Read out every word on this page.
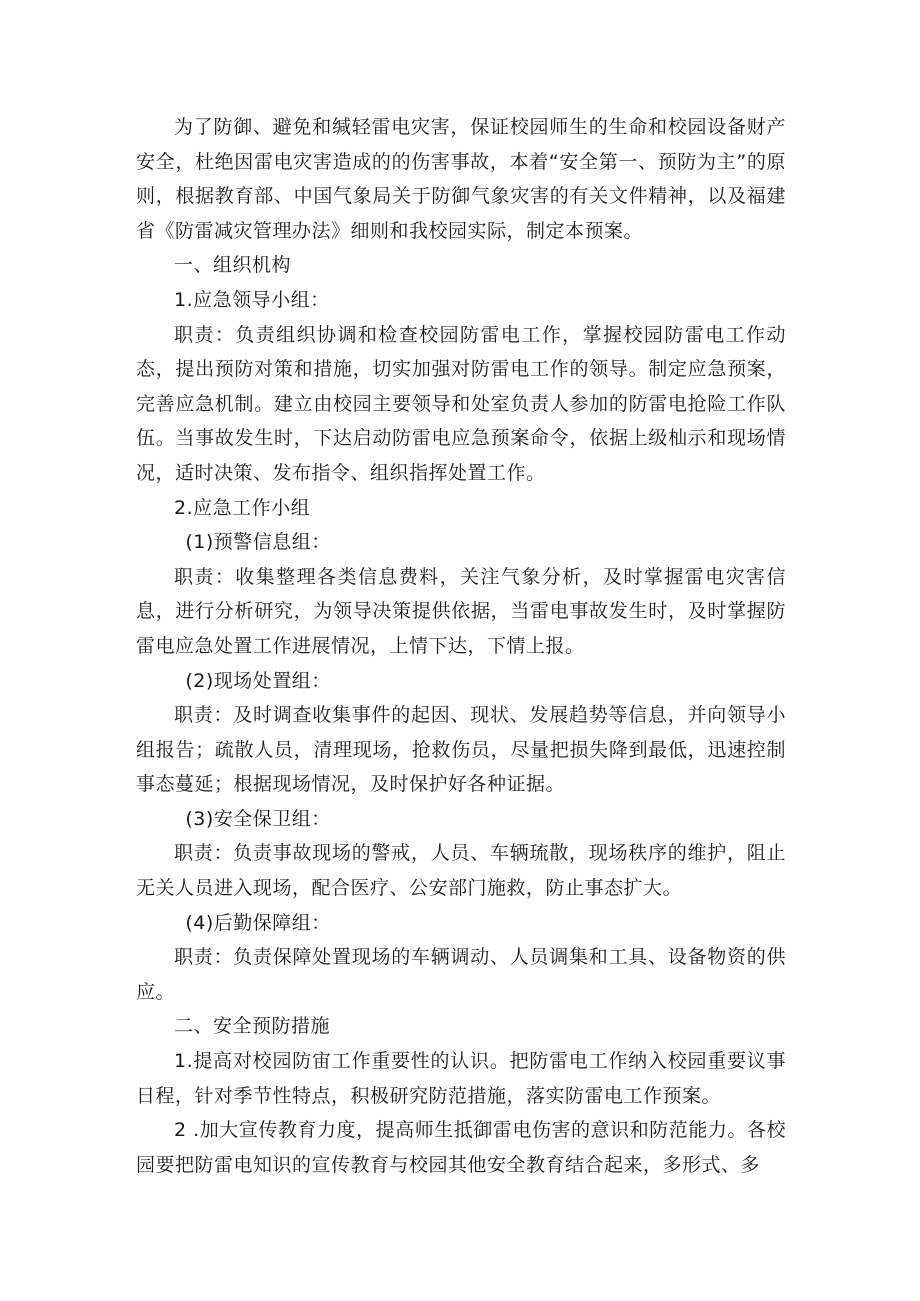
为了防御、避免和缄轻雷电灾害，保证校园师生的生命和校园设备财产安全，杜绝因雷电灾害造成的的伤害事故，本着“安全第一、预防为主”的原则，根据教育部、中国气象局关于防御气象灾害的有关文件精神，以及福建省《防雷减灾管理办法》细则和我校园实际，制定本预案。

一、组织机构

1.应急领导小组：

职责：负责组织协调和检查校园防雷电工作，掌握校园防雷电工作动态，提出预防对策和措施，切实加强对防雷电工作的领导。制定应急预案，完善应急机制。建立由校园主要领导和处室负责人参加的防雷电抢险工作队伍。当事故发生时，下达启动防雷电应急预案命令，依据上级杣示和现场情况，适时决策、发布指令、组织指挥处置工作。

2.应急工作小组

(1)预警信息组：

职责：收集整理各类信息费料，关注气象分析，及时掌握雷电灾害信息，进行分析研究，为领导决策提供依据，当雷电事故发生时，及时掌握防雷电应急处置工作进展情况，上情下达，下情上报。

(2)现场处置组：

职责：及时调查收集事件的起因、现状、发展趋势等信息，并向领导小组报告；疏散人员，清理现场，抢救伤员，尽量把损失降到最低，迅速控制事态蔓延；根据现场情况，及时保护好各种证据。

(3)安全保卫组：

职责：负责事故现场的警戒，人员、车辆琉散，现场秩序的维护，阻止无关人员进入现场，配合医疗、公安部门施救，防止事态扩大。

(4)后勤保障组：

职责：负责保障处置现场的车辆调动、人员调集和工具、设备物资的供应。

二、安全预防措施

1.提高对校园防宙工作重要性的认识。把防雷电工作纳入校园重要议事日程，针对季节性特点，积极研究防范措施，落实防雷电工作预案。

2 .加大宣传教育力度，提高师生抵御雷电伤害的意识和防范能力。各校园要把防雷电知识的宣传教育与校园其他安全教育结合起来，多形式、多
